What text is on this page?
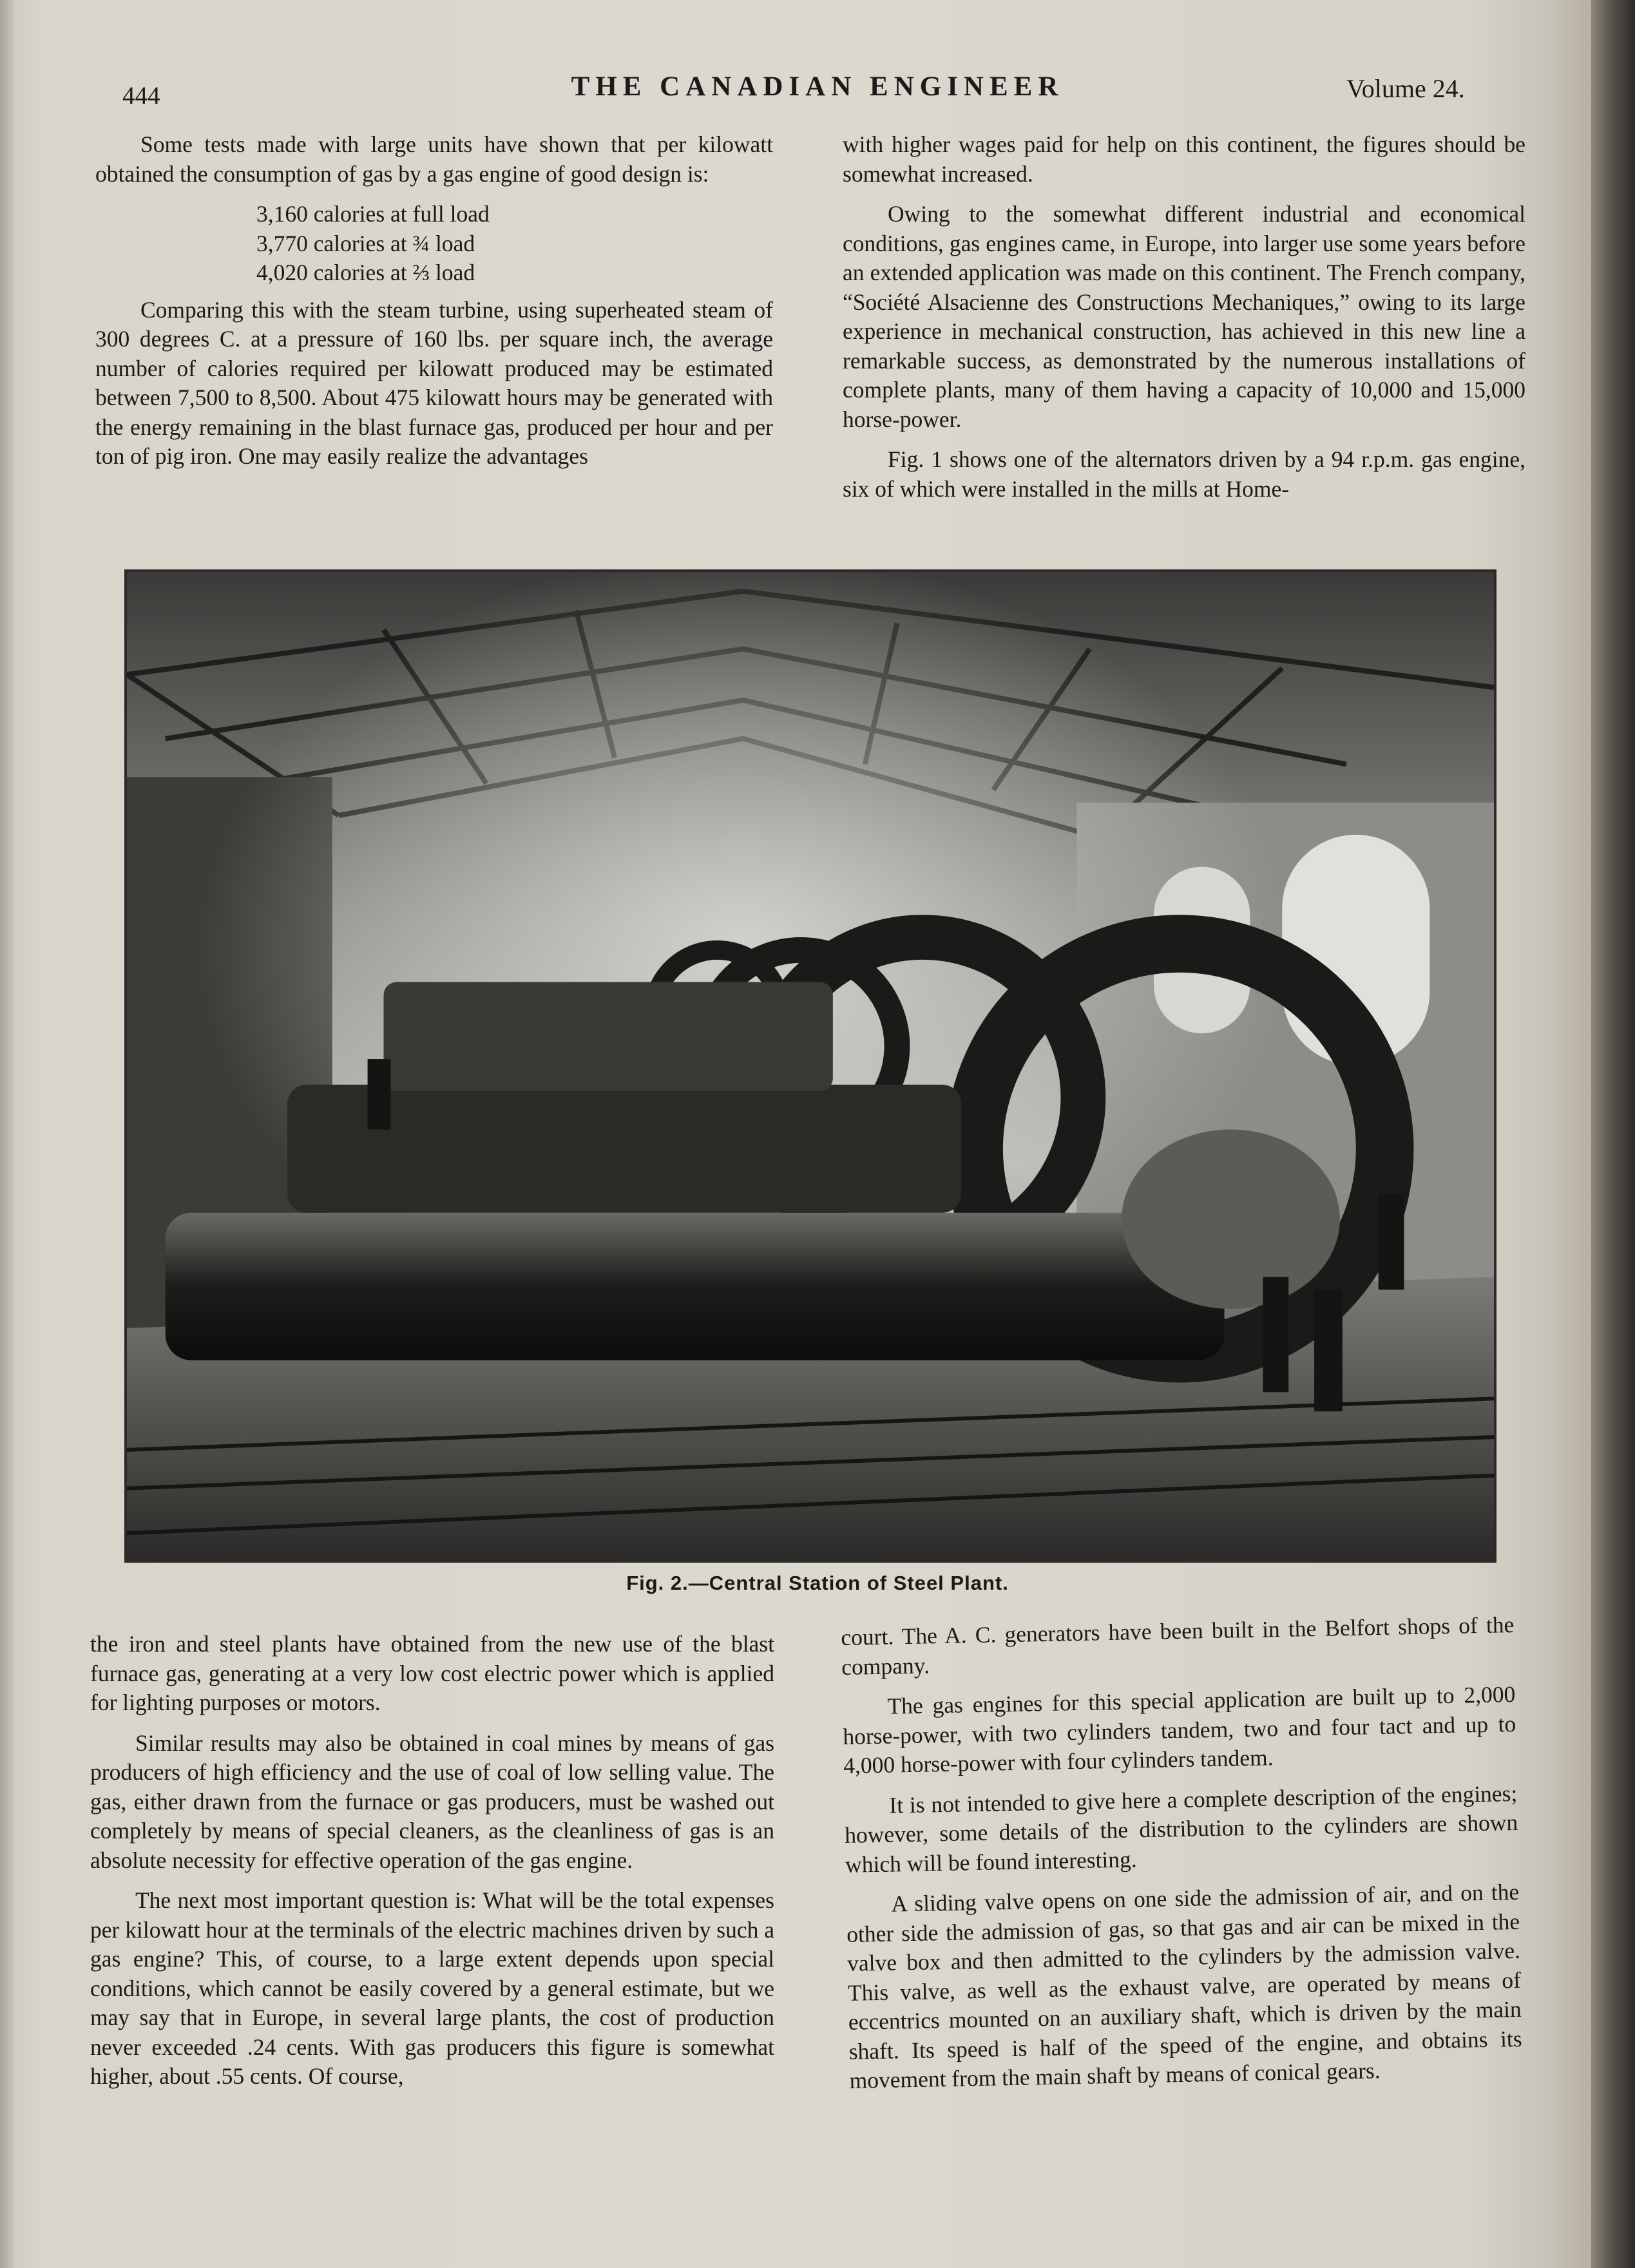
444	THE CANADIAN ENGINEER	Volume 24.

Some tests made with large units have shown that per kilowatt obtained the consumption of gas by a gas engine of good design is:

3,160 calories at full load
3,770 calories at ¾ load
4,020 calories at ⅔ load

Comparing this with the steam turbine, using superheated steam of 300 degrees C. at a pressure of 160 lbs. per square inch, the average number of calories required per kilowatt produced may be estimated between 7,500 to 8,500. About 475 kilowatt hours may be generated with the energy remaining in the blast furnace gas, produced per hour and per ton of pig iron. One may easily realize the advantages

with higher wages paid for help on this continent, the figures should be somewhat increased.

Owing to the somewhat different industrial and economical conditions, gas engines came, in Europe, into larger use some years before an extended application was made on this continent. The French company, “Société Alsacienne des Constructions Mechaniques,” owing to its large experience in mechanical construction, has achieved in this new line a remarkable success, as demonstrated by the numerous installations of complete plants, many of them having a capacity of 10,000 and 15,000 horse-power.

Fig. 1 shows one of the alternators driven by a 94 r.p.m. gas engine, six of which were installed in the mills at Home-

Fig. 2.—Central Station of Steel Plant.

the iron and steel plants have obtained from the new use of the blast furnace gas, generating at a very low cost electric power which is applied for lighting purposes or motors.

Similar results may also be obtained in coal mines by means of gas producers of high efficiency and the use of coal of low selling value. The gas, either drawn from the furnace or gas producers, must be washed out completely by means of special cleaners, as the cleanliness of gas is an absolute necessity for effective operation of the gas engine.

The next most important question is: What will be the total expenses per kilowatt hour at the terminals of the electric machines driven by such a gas engine? This, of course, to a large extent depends upon special conditions, which cannot be easily covered by a general estimate, but we may say that in Europe, in several large plants, the cost of production never exceeded .24 cents. With gas producers this figure is somewhat higher, about .55 cents. Of course,

court. The A. C. generators have been built in the Belfort shops of the company.

The gas engines for this special application are built up to 2,000 horse-power, with two cylinders tandem, two and four tact and up to 4,000 horse-power with four cylinders tandem.

It is not intended to give here a complete description of the engines; however, some details of the distribution to the cylinders are shown which will be found interesting.

A sliding valve opens on one side the admission of air, and on the other side the admission of gas, so that gas and air can be mixed in the valve box and then admitted to the cylinders by the admission valve. This valve, as well as the exhaust valve, are operated by means of eccentrics mounted on an auxiliary shaft, which is driven by the main shaft. Its speed is half of the speed of the engine, and obtains its movement from the main shaft by means of conical gears.
